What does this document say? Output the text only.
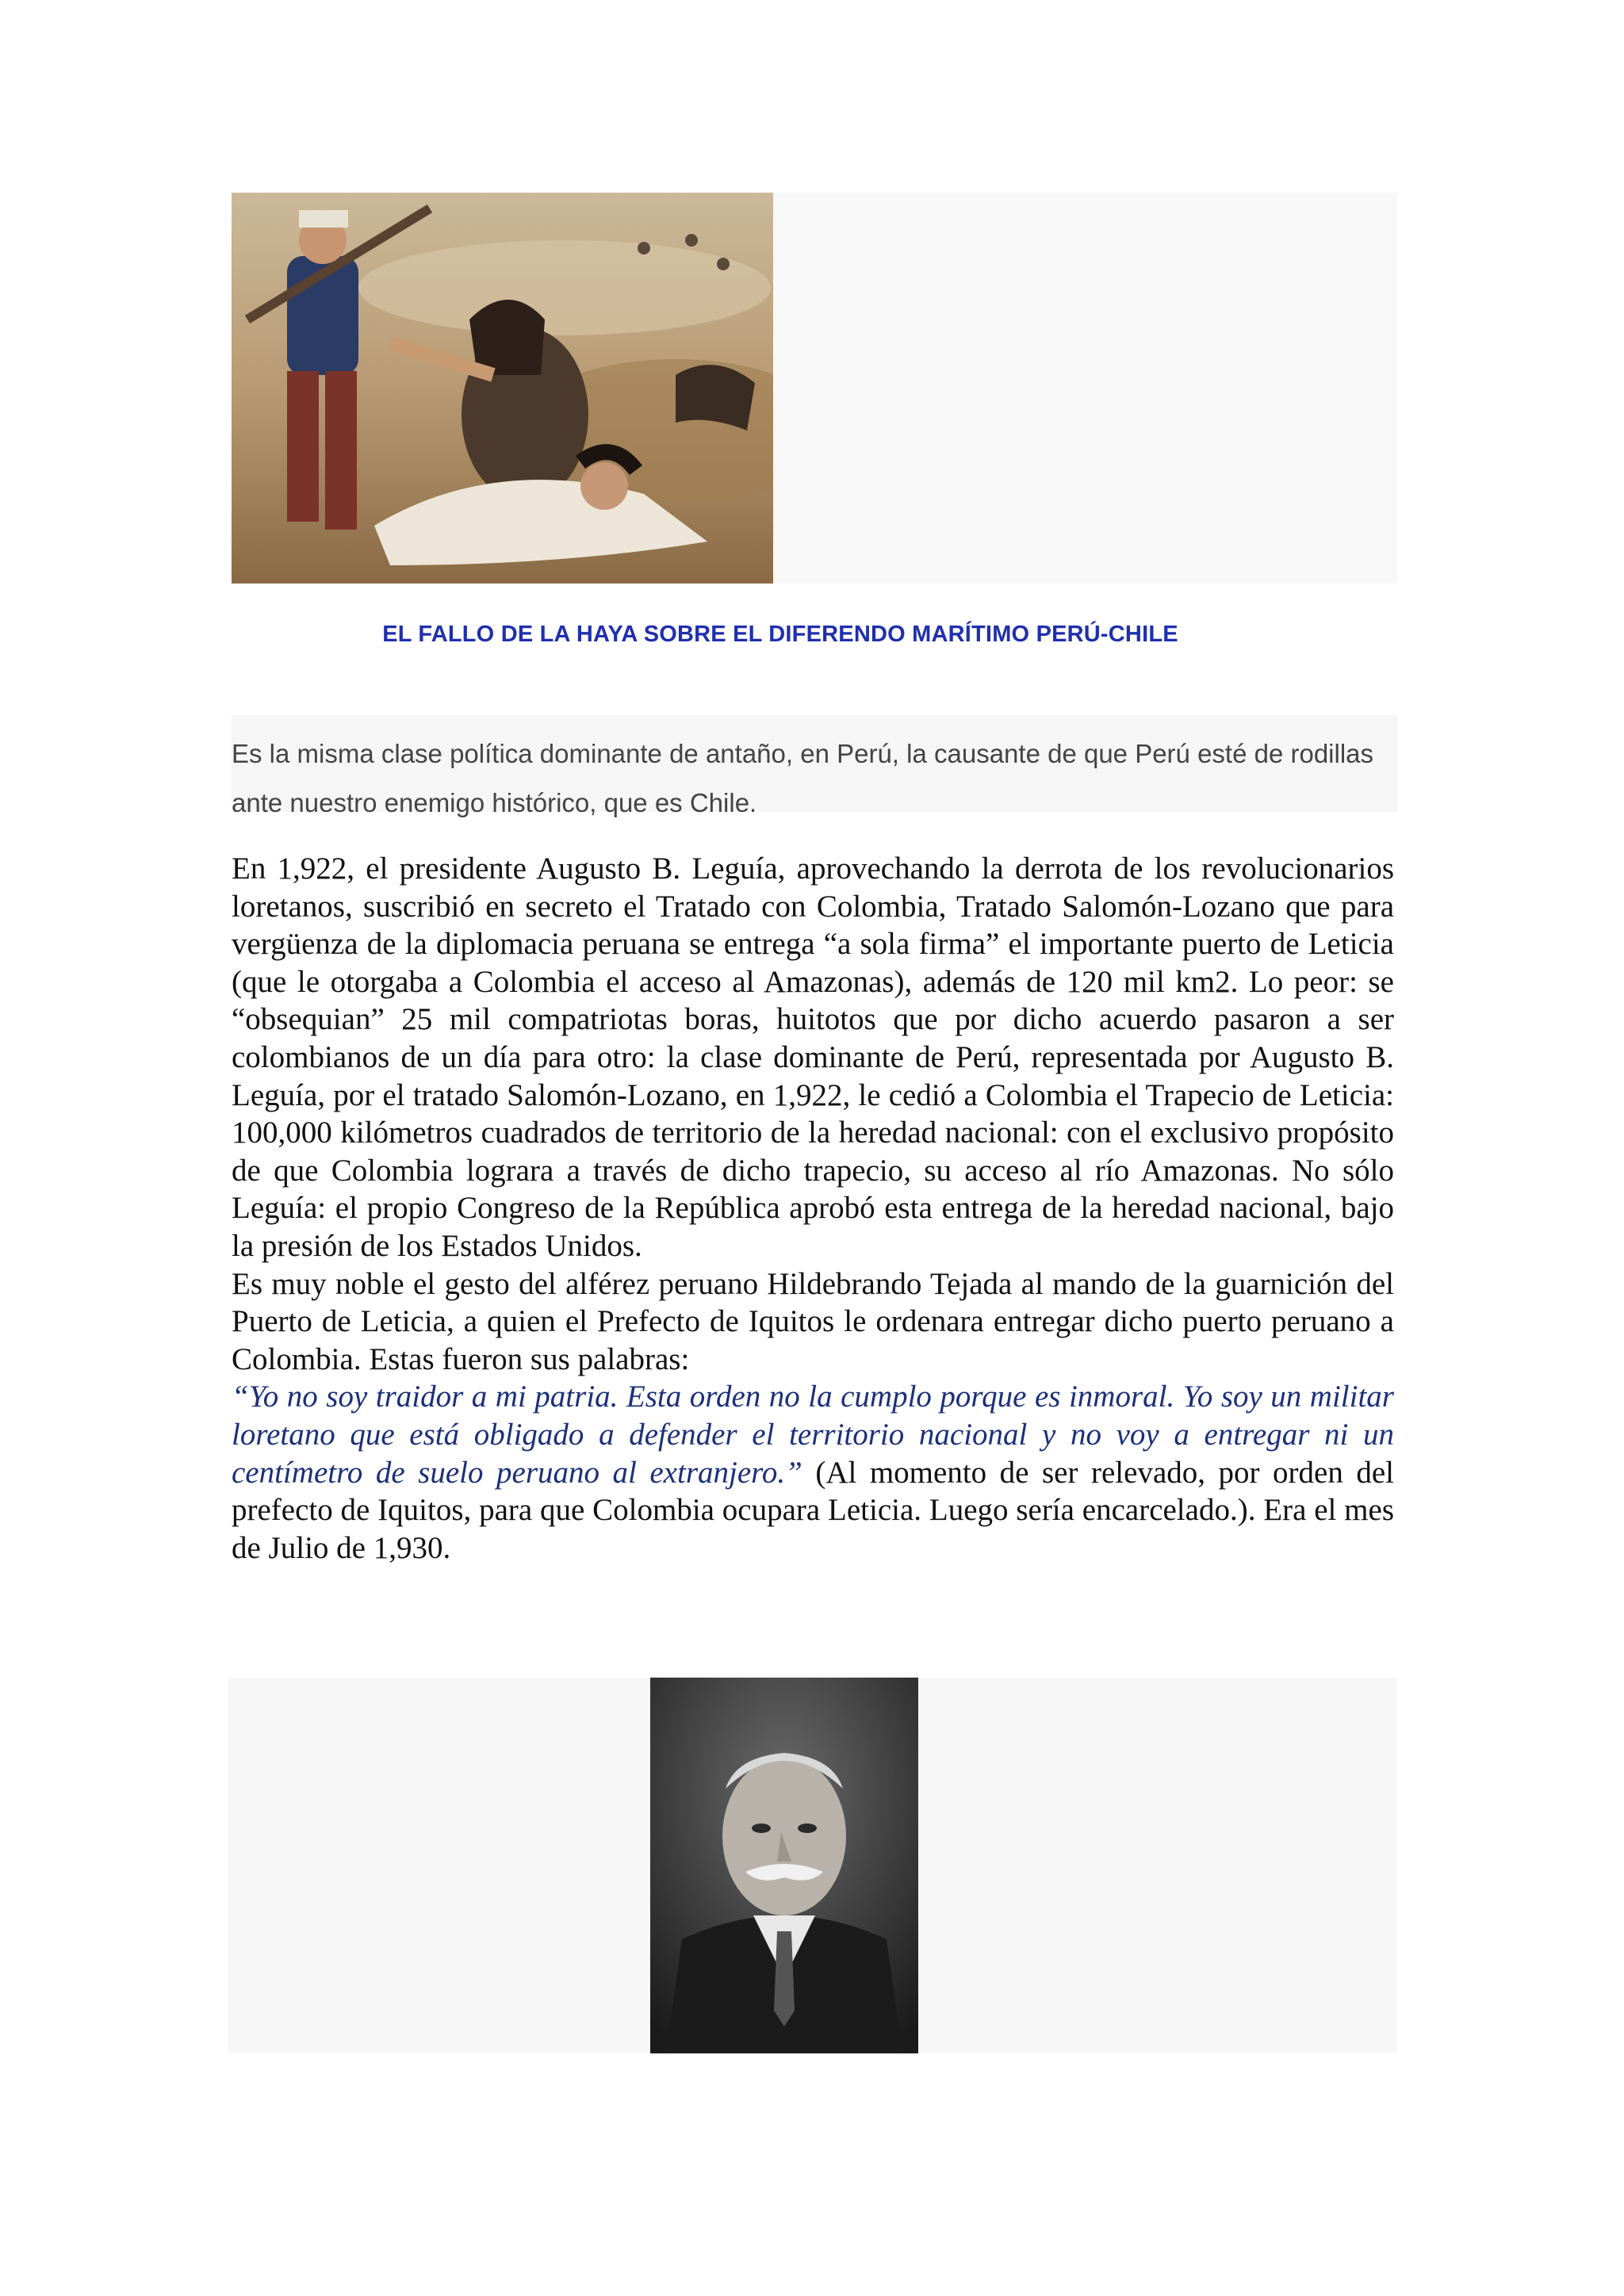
EL FALLO DE LA HAYA SOBRE EL DIFERENDO MARÍTIMO PERÚ-CHILE
Es la misma clase política dominante de antaño, en Perú, la causante de que Perú esté de rodillas ante nuestro enemigo histórico, que es Chile.

En 1,922, el presidente Augusto B. Leguía, aprovechando la derrota de los revolucionarios loretanos, suscribió en secreto el Tratado con Colombia, Tratado Salomón-Lozano que para vergüenza de la diplomacia peruana se entrega “a sola firma” el importante puerto de Leticia (que le otorgaba a Colombia el acceso al Amazonas), además de 120 mil km2. Lo peor: se “obsequian” 25 mil compatriotas boras, huitotos que por dicho acuerdo pasaron a ser colombianos de un día para otro: la clase dominante de Perú, representada por Augusto B. Leguía, por el tratado Salomón-Lozano, en 1,922, le cedió a Colombia el Trapecio de Leticia: 100,000 kilómetros cuadrados de territorio de la heredad nacional: con el exclusivo propósito de que Colombia lograra a través de dicho trapecio, su acceso al río Amazonas. No sólo Leguía: el propio Congreso de la República aprobó esta entrega de la heredad nacional, bajo la presión de los Estados Unidos.

Es muy noble el gesto del alférez peruano Hildebrando Tejada al mando de la guarnición del Puerto de Leticia, a quien el Prefecto de Iquitos le ordenara entregar dicho puerto peruano a Colombia. Estas fueron sus palabras:
“Yo no soy traidor a mi patria. Esta orden no la cumplo porque es inmoral. Yo soy un militar loretano que está obligado a defender el territorio nacional y no voy a entregar ni un centímetro de suelo peruano al extranjero.” (Al momento de ser relevado, por orden del prefecto de Iquitos, para que Colombia ocupara Leticia. Luego sería encarcelado.). Era el mes de Julio de 1,930.
